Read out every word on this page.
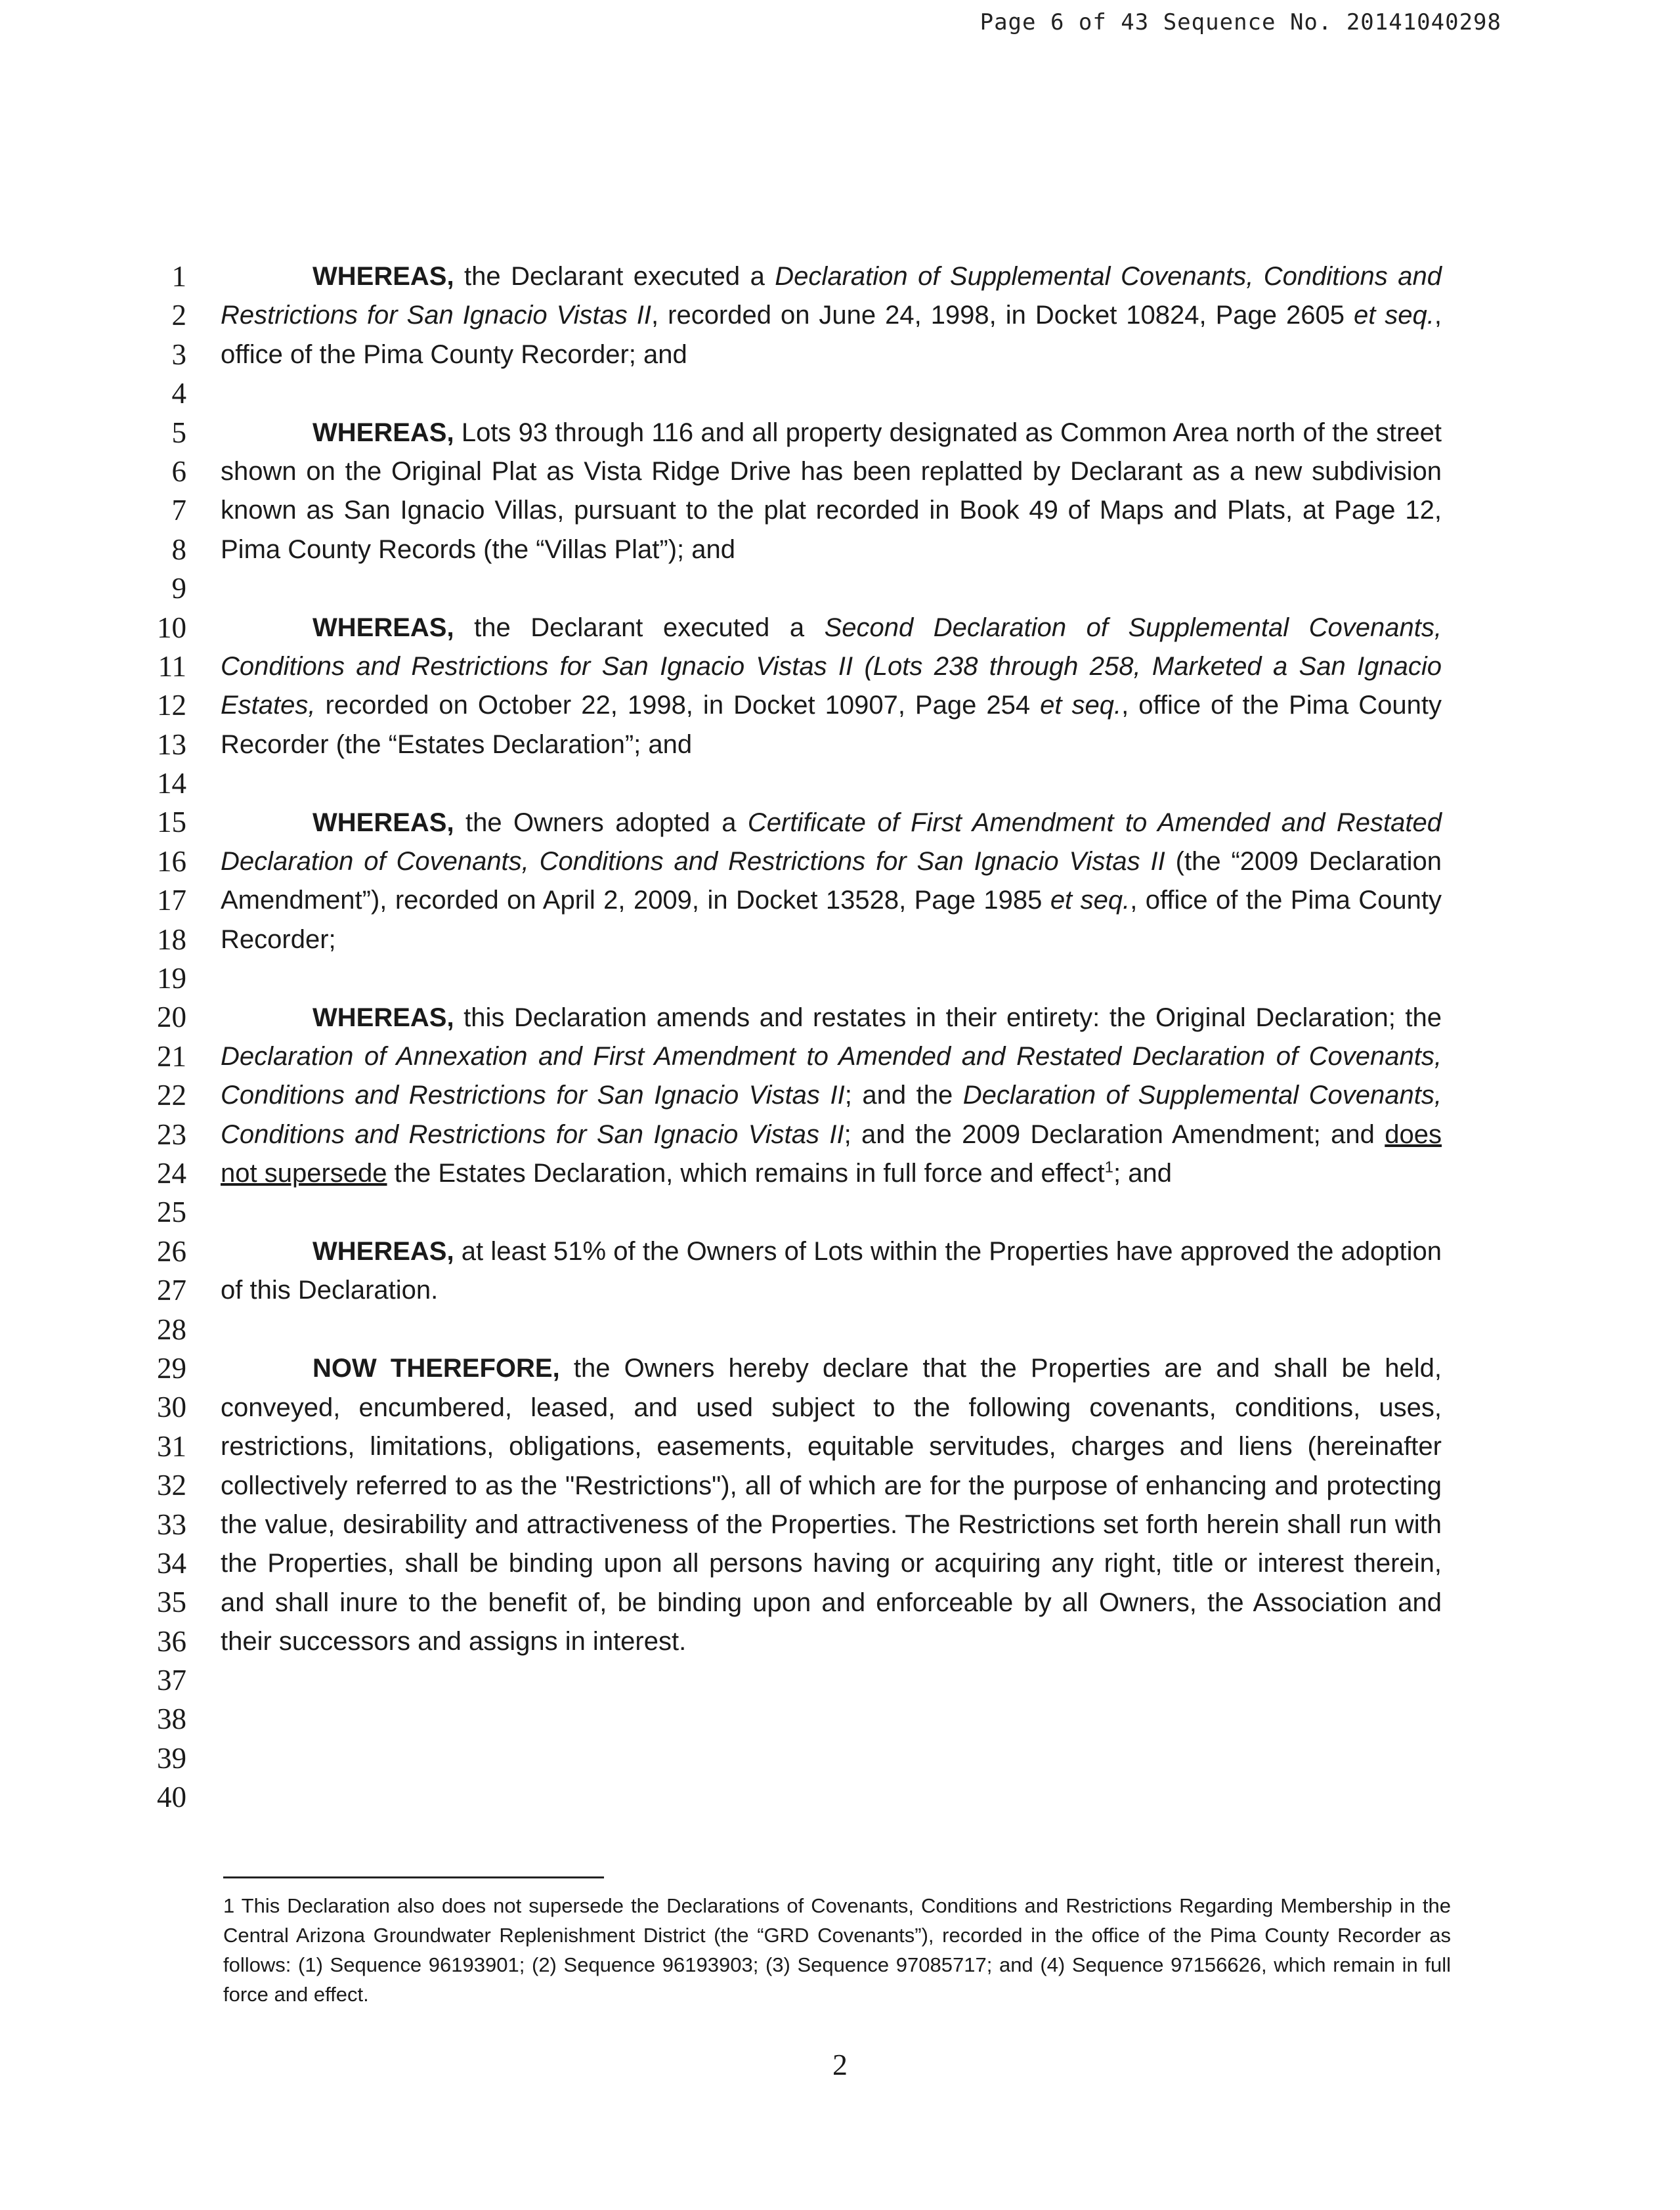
Page 6 of 43 Sequence No. 20141040298
1
2
3
4
5
6
7
8
9
10
11
12
13
14
15
16
17
18
19
20
21
22
23
24
25
26
27
28
29
30
31
32
33
34
35
36
37
38
39
40

WHEREAS, the Declarant executed a Declaration of Supplemental Covenants, Conditions and Restrictions for San Ignacio Vistas II, recorded on June 24, 1998, in Docket 10824, Page 2605 et seq., office of the Pima County Recorder; and

WHEREAS, Lots 93 through 116 and all property designated as Common Area north of the street shown on the Original Plat as Vista Ridge Drive has been replatted by Declarant as a new subdivision known as San Ignacio Villas, pursuant to the plat recorded in Book 49 of Maps and Plats, at Page 12, Pima County Records (the “Villas Plat”); and

WHEREAS, the Declarant executed a Second Declaration of Supplemental Covenants, Conditions and Restrictions for San Ignacio Vistas II (Lots 238 through 258, Marketed a San Ignacio Estates, recorded on October 22, 1998, in Docket 10907, Page 254 et seq., office of the Pima County Recorder (the “Estates Declaration”; and

WHEREAS, the Owners adopted a Certificate of First Amendment to Amended and Restated Declaration of Covenants, Conditions and Restrictions for San Ignacio Vistas II (the “2009 Declaration Amendment”), recorded on April 2, 2009, in Docket 13528, Page 1985 et seq., office of the Pima County Recorder;

WHEREAS, this Declaration amends and restates in their entirety: the Original Declaration; the Declaration of Annexation and First Amendment to Amended and Restated Declaration of Covenants, Conditions and Restrictions for San Ignacio Vistas II; and the Declaration of Supplemental Covenants, Conditions and Restrictions for San Ignacio Vistas II; and the 2009 Declaration Amendment; and does not supersede the Estates Declaration, which remains in full force and effect$^1$; and

WHEREAS, at least 51% of the Owners of Lots within the Properties have approved the adoption of this Declaration.

NOW THEREFORE, the Owners hereby declare that the Properties are and shall be held, conveyed, encumbered, leased, and used subject to the following covenants, conditions, uses, restrictions, limitations, obligations, easements, equitable servitudes, charges and liens (hereinafter collectively referred to as the "Restrictions"), all of which are for the purpose of enhancing and protecting the value, desirability and attractiveness of the Properties. The Restrictions set forth herein shall run with the Properties, shall be binding upon all persons having or acquiring any right, title or interest therein, and shall inure to the benefit of, be binding upon and enforceable by all Owners, the Association and their successors and assigns in interest.

1 This Declaration also does not supersede the Declarations of Covenants, Conditions and Restrictions Regarding Membership in the Central Arizona Groundwater Replenishment District (the “GRD Covenants”), recorded in the office of the Pima County Recorder as follows: (1) Sequence 96193901; (2) Sequence 96193903; (3) Sequence 97085717; and (4) Sequence 97156626, which remain in full force and effect.
2
